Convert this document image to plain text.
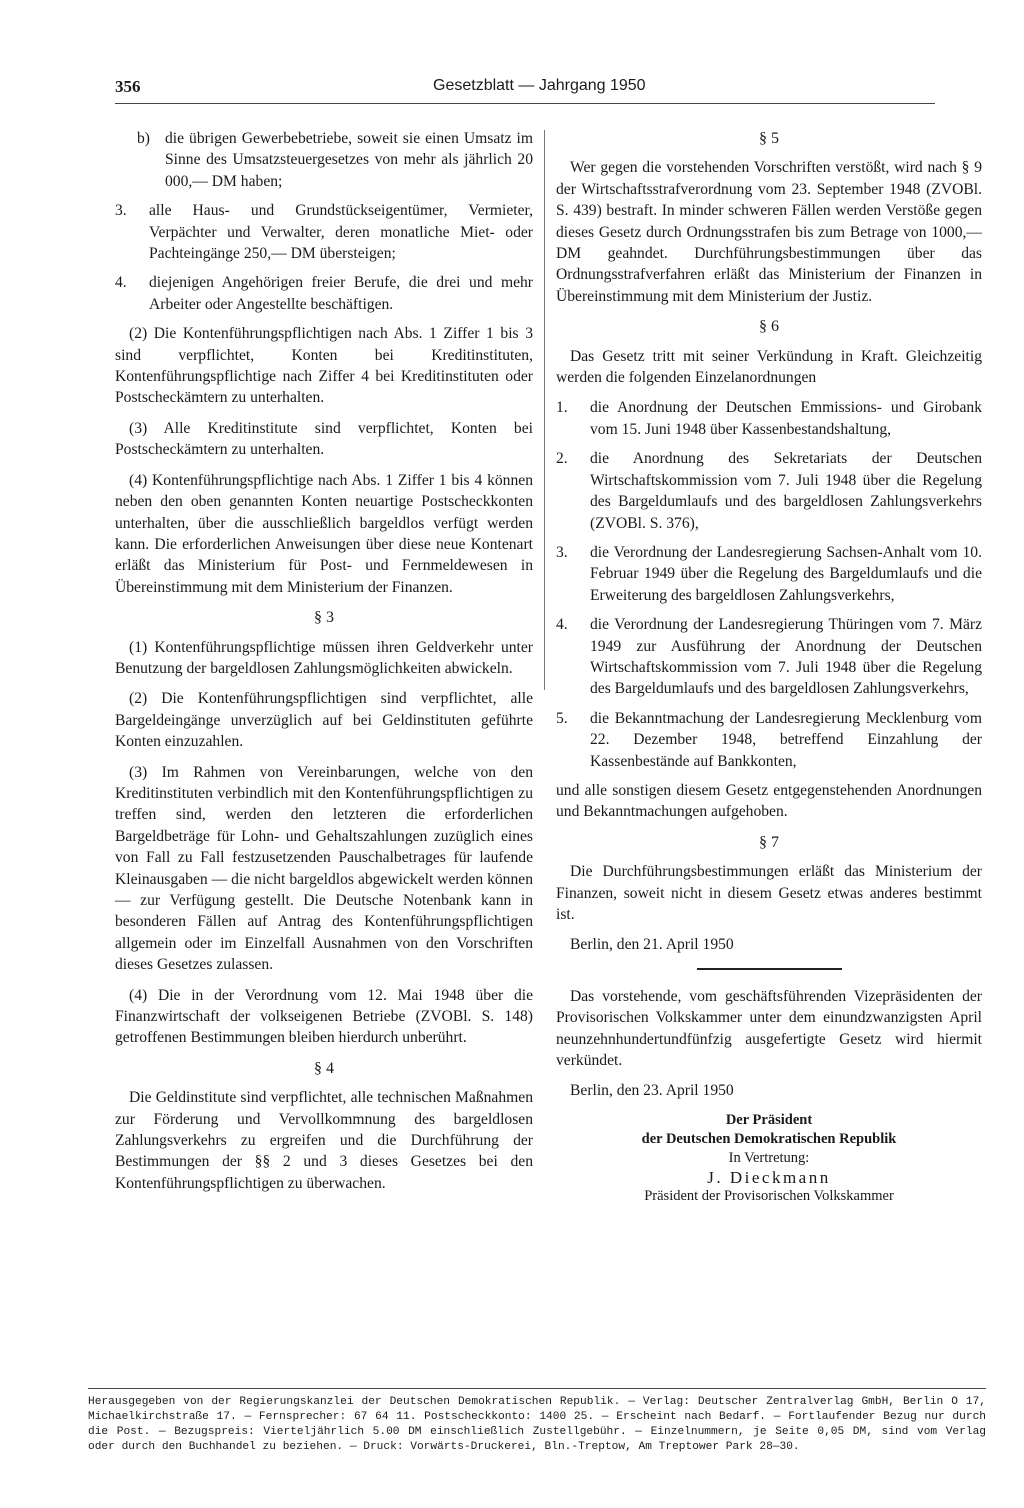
356	Gesetzblatt — Jahrgang 1950
b) die übrigen Gewerbebetriebe, soweit sie einen Umsatz im Sinne des Umsatzsteuergesetzes von mehr als jährlich 20 000,— DM haben;
3.	alle Haus- und Grundstückseigentümer, Vermieter, Verpächter und Verwalter, deren monatliche Miet- oder Pachteingänge 250,— DM übersteigen;
4.	diejenigen Angehörigen freier Berufe, die drei und mehr Arbeiter oder Angestellte beschäftigen.

(2) Die Kontenführungspflichtigen nach Abs. 1 Ziffer 1 bis 3 sind verpflichtet, Konten bei Kreditinstituten, Kontenführungspflichtige nach Ziffer 4 bei Kreditinstituten oder Postscheckämtern zu unterhalten.

(3) Alle Kreditinstitute sind verpflichtet, Konten bei Postscheckämtern zu unterhalten.

(4) Kontenführungspflichtige nach Abs. 1 Ziffer 1 bis 4 können neben den oben genannten Konten neuartige Postscheckkonten unterhalten, über die ausschließlich bargeldlos verfügt werden kann. Die erforderlichen Anweisungen über diese neue Kontenart erläßt das Ministerium für Post- und Fernmeldewesen in Übereinstimmung mit dem Ministerium der Finanzen.

§ 3

(1) Kontenführungspflichtige müssen ihren Geldverkehr unter Benutzung der bargeldlosen Zahlungsmöglichkeiten abwickeln.

(2) Die Kontenführungspflichtigen sind verpflichtet, alle Bargeldeingänge unverzüglich auf bei Geldinstituten geführte Konten einzuzahlen.

(3) Im Rahmen von Vereinbarungen, welche von den Kreditinstituten verbindlich mit den Kontenführungspflichtigen zu treffen sind, werden den letzteren die erforderlichen Bargeldbeträge für Lohn- und Gehaltszahlungen zuzüglich eines von Fall zu Fall festzusetzenden Pauschalbetrages für laufende Kleinausgaben — die nicht bargeldlos abgewickelt werden können — zur Verfügung gestellt. Die Deutsche Notenbank kann in besonderen Fällen auf Antrag des Kontenführungspflichtigen allgemein oder im Einzelfall Ausnahmen von den Vorschriften dieses Gesetzes zulassen.

(4) Die in der Verordnung vom 12. Mai 1948 über die Finanzwirtschaft der volkseigenen Betriebe (ZVOBl. S. 148) getroffenen Bestimmungen bleiben hierdurch unberührt.

§ 4

Die Geldinstitute sind verpflichtet, alle technischen Maßnahmen zur Förderung und Vervollkommnung des bargeldlosen Zahlungsverkehrs zu ergreifen und die Durchführung der Bestimmungen der §§ 2 und 3 dieses Gesetzes bei den Kontenführungspflichtigen zu überwachen.

§ 5

Wer gegen die vorstehenden Vorschriften verstößt, wird nach § 9 der Wirtschaftsstrafverordnung vom 23. September 1948 (ZVOBl. S. 439) bestraft. In minder schweren Fällen werden Verstöße gegen dieses Gesetz durch Ordnungsstrafen bis zum Betrage von 1000,— DM geahndet. Durchführungsbestimmungen über das Ordnungsstrafverfahren erläßt das Ministerium der Finanzen in Übereinstimmung mit dem Ministerium der Justiz.

§ 6

Das Gesetz tritt mit seiner Verkündung in Kraft. Gleichzeitig werden die folgenden Einzelanordnungen

1.	die Anordnung der Deutschen Emmissions- und Girobank vom 15. Juni 1948 über Kassenbestandshaltung,
2.	die Anordnung des Sekretariats der Deutschen Wirtschaftskommission vom 7. Juli 1948 über die Regelung des Bargeldumlaufs und des bargeldlosen Zahlungsverkehrs (ZVOBl. S. 376),
3.	die Verordnung der Landesregierung Sachsen-Anhalt vom 10. Februar 1949 über die Regelung des Bargeldumlaufs und die Erweiterung des bargeldlosen Zahlungsverkehrs,
4.	die Verordnung der Landesregierung Thüringen vom 7. März 1949 zur Ausführung der Anordnung der Deutschen Wirtschaftskommission vom 7. Juli 1948 über die Regelung des Bargeldumlaufs und des bargeldlosen Zahlungsverkehrs,
5.	die Bekanntmachung der Landesregierung Mecklenburg vom 22. Dezember 1948, betreffend Einzahlung der Kassenbestände auf Bankkonten,

und alle sonstigen diesem Gesetz entgegenstehenden Anordnungen und Bekanntmachungen aufgehoben.

§ 7

Die Durchführungsbestimmungen erläßt das Ministerium der Finanzen, soweit nicht in diesem Gesetz etwas anderes bestimmt ist.

Berlin, den 21. April 1950

Das vorstehende, vom geschäftsführenden Vizepräsidenten der Provisorischen Volkskammer unter dem einundzwanzigsten April neunzehnhundertundfünfzig ausgefertigte Gesetz wird hiermit verkündet.

Berlin, den 23. April 1950

Der Präsident
der Deutschen Demokratischen Republik
In Vertretung:
J. Dieckmann
Präsident der Provisorischen Volkskammer
Herausgegeben von der Regierungskanzlei der Deutschen Demokratischen Republik. — Verlag: Deutscher Zentralverlag GmbH, Berlin O 17, Michaelkirchstraße 17. — Fernsprecher: 67 64 11. Postscheckkonto: 1400 25. — Erscheint nach Bedarf. — Fortlaufender Bezug nur durch die Post. — Bezugspreis: Vierteljährlich 5.00 DM einschließlich Zustellgebühr. — Einzelnummern, je Seite 0,05 DM, sind vom Verlag oder durch den Buchhandel zu beziehen. — Druck: Vorwärts-Druckerei, Bln.-Treptow, Am Treptower Park 28—30.
